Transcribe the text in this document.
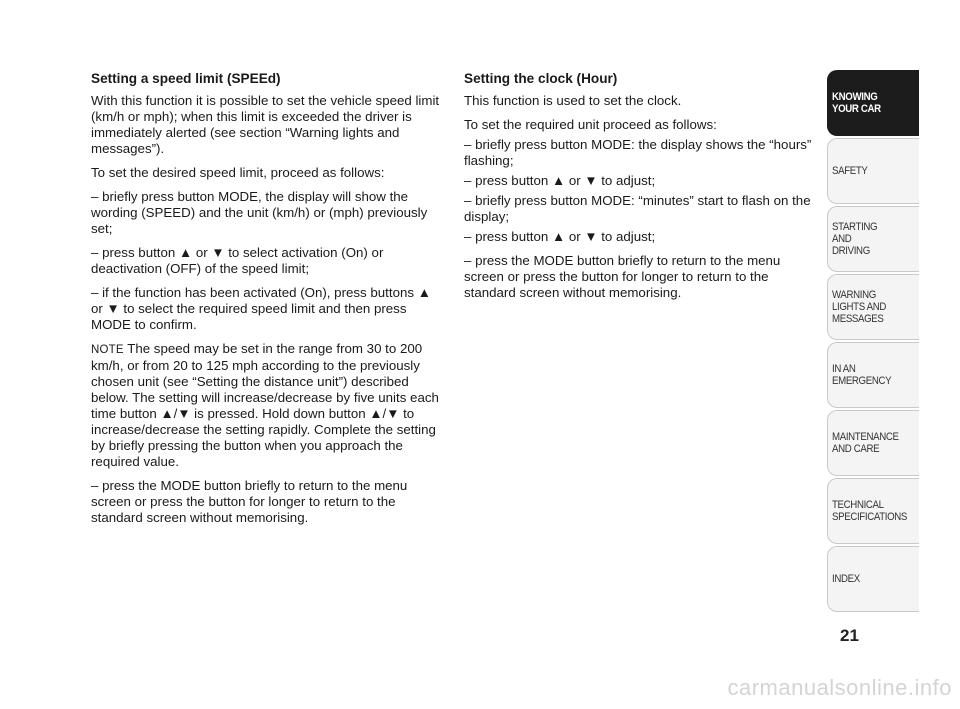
Setting a speed limit (SPEEd)

With this function it is possible to set the vehicle speed limit (km/h or mph); when this limit is exceeded the driver is immediately alerted (see section “Warning lights and messages”).

To set the desired speed limit, proceed as follows:

– briefly press button MODE, the display will show the wording (SPEED) and the unit (km/h) or (mph) previously set;

– press button ▲ or ▼ to select activation (On) or deactivation (OFF) of the speed limit;

– if the function has been activated (On), press buttons ▲ or ▼ to select the required speed limit and then press MODE to confirm.

NOTE The speed may be set in the range from 30 to 200 km/h, or from 20 to 125 mph according to the previously chosen unit (see “Setting the distance unit”) described below. The setting will increase/decrease by five units each time button ▲/▼ is pressed. Hold down button ▲/▼ to increase/decrease the setting rapidly. Complete the setting by briefly pressing the button when you approach the required value.

– press the MODE button briefly to return to the menu screen or press the button for longer to return to the standard screen without memorising.

Setting the clock (Hour)

This function is used to set the clock.

To set the required unit proceed as follows:

– briefly press button MODE: the display shows the “hours” flashing;

– press button ▲ or ▼ to adjust;

– briefly press button MODE: “minutes” start to flash on the display;

– press button ▲ or ▼ to adjust;

– press the MODE button briefly to return to the menu screen or press the button for longer to return to the standard screen without memorising.

KNOWING
YOUR CAR
SAFETY
STARTING
AND
DRIVING
WARNING
LIGHTS AND
MESSAGES
IN AN
EMERGENCY
MAINTENANCE
AND CARE
TECHNICAL
SPECIFICATIONS
INDEX
21
carmanualsonline.info
